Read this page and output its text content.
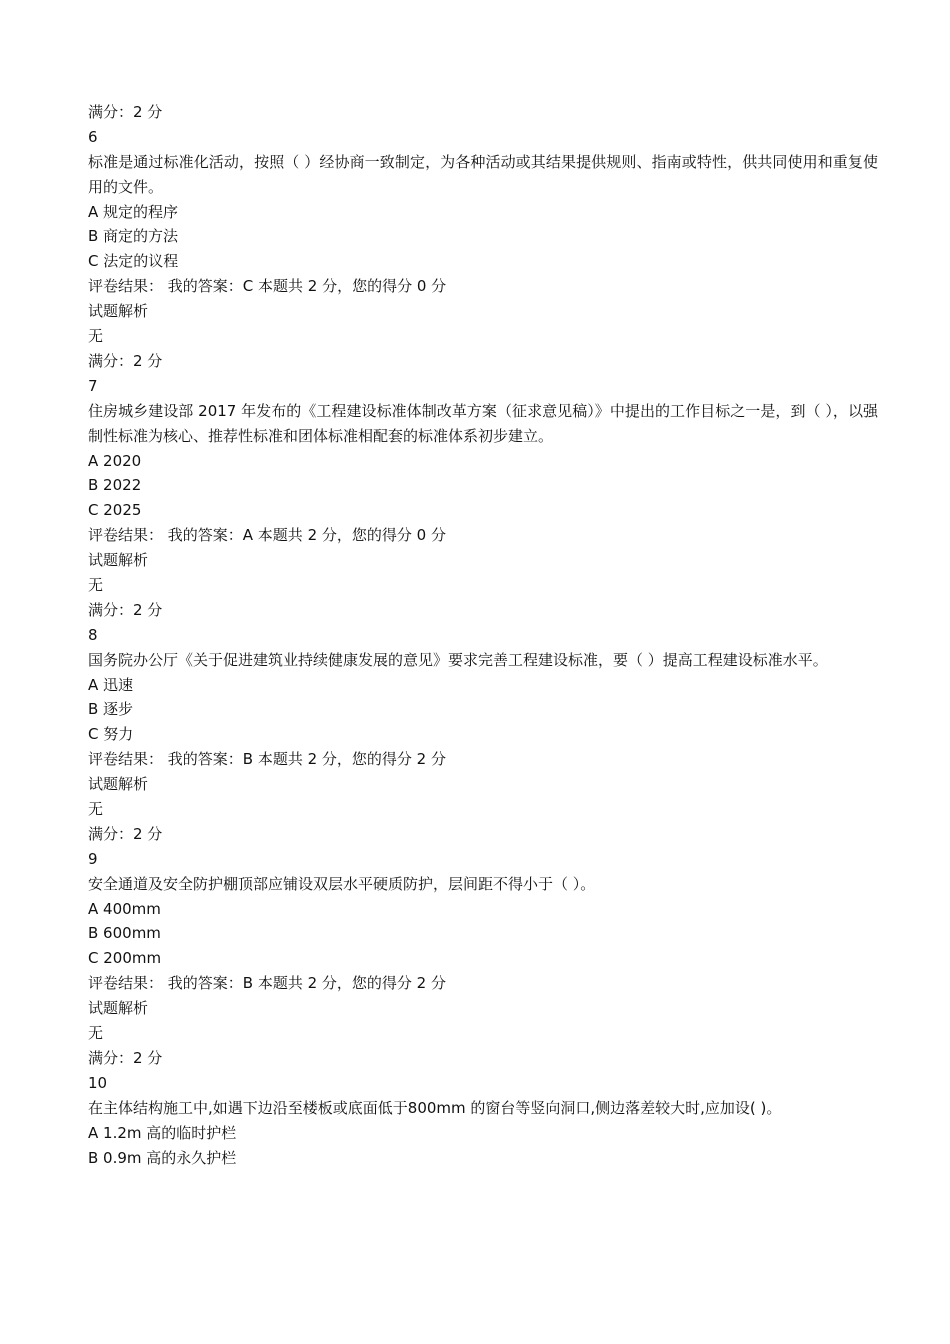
满分：2 分
6
标准是通过标准化活动，按照（ ）经协商一致制定，为各种活动或其结果提供规则、指南或特性，供共同使用和重复使用的文件。
A 规定的程序
B 商定的方法
C 法定的议程
评卷结果： 我的答案：C 本题共 2 分，您的得分 0 分
试题解析
无
满分：2 分
7
住房城乡建设部 2017 年发布的《工程建设标准体制改革方案（征求意见稿）》中提出的工作目标之一是，到（ ），以强制性标准为核心、推荐性标准和团体标准相配套的标准体系初步建立。
A 2020
B 2022
C 2025
评卷结果： 我的答案：A 本题共 2 分，您的得分 0 分
试题解析
无
满分：2 分
8
国务院办公厅《关于促进建筑业持续健康发展的意见》要求完善工程建设标准，要（ ）提高工程建设标准水平。
A 迅速
B 逐步
C 努力
评卷结果： 我的答案：B 本题共 2 分，您的得分 2 分
试题解析
无
满分：2 分
9
安全通道及安全防护棚顶部应铺设双层水平硬质防护，层间距不得小于（ ）。
A 400mm
B 600mm
C 200mm
评卷结果： 我的答案：B 本题共 2 分，您的得分 2 分
试题解析
无
满分：2 分
10
在主体结构施工中,如遇下边沿至楼板或底面低于800mm 的窗台等竖向洞口,侧边落差较大时,应加设( )。
A 1.2m 高的临时护栏
B 0.9m 高的永久护栏
